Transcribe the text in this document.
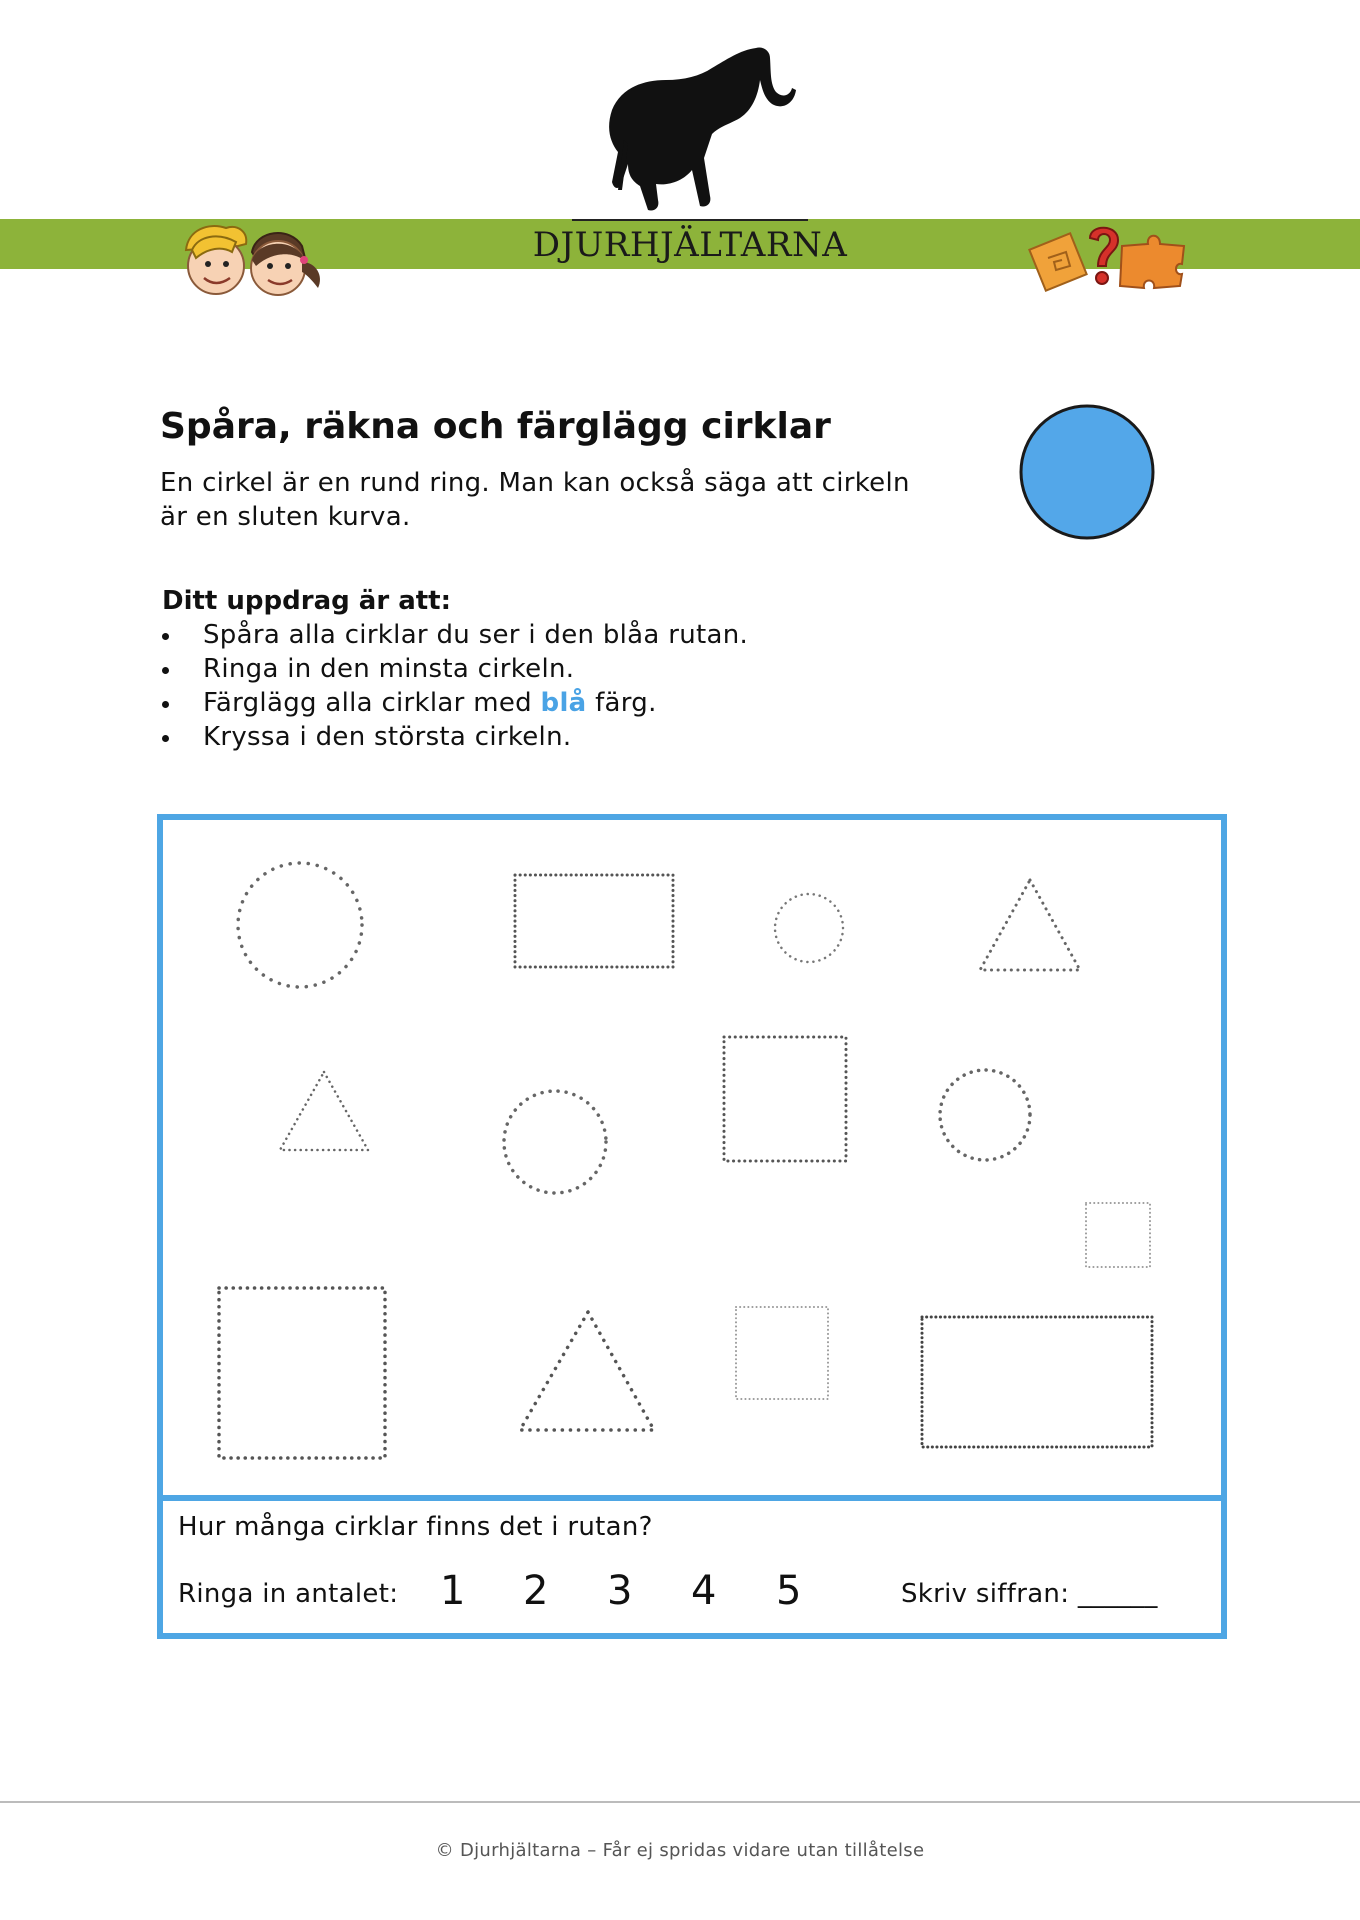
DJURHJÄLTARNA
Spåra, räkna och färglägg cirklar

En cirkel är en rund ring. Man kan också säga att cirkeln är en sluten kurva.

Ditt uppdrag är att:

Spåra alla cirklar du ser i den blåa rutan.
Ringa in den minsta cirkeln.
Färglägg alla cirklar med blå färg.
Kryssa i den största cirkeln.
Hur många cirklar finns det i rutan?
Ringa in antalet: 1 2 3 4 5	Skriv siffran: ______
© Djurhjältarna – Får ej spridas vidare utan tillåtelse
